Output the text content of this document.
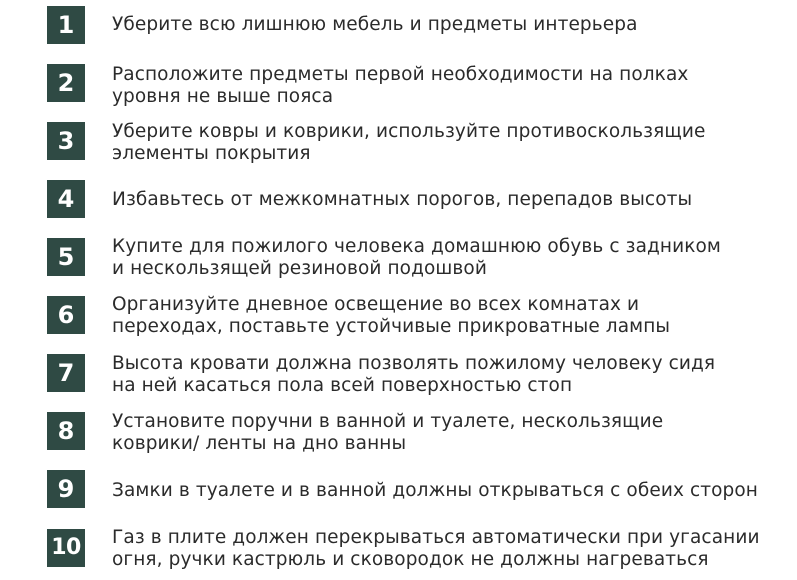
1	Уберите всю лишнюю мебель и предметы интерьера
2	Расположите предметы первой необходимости на полках
уровня не выше пояса
3	Уберите ковры и коврики, используйте противоскользящие
элементы покрытия
4	Избавьтесь от межкомнатных порогов, перепадов высоты
5	Купите для пожилого человека домашнюю обувь с задником
и нескользящей резиновой подошвой
6	Организуйте дневное освещение во всех комнатах и
переходах, поставьте устойчивые прикроватные лампы
7	Высота кровати должна позволять пожилому человеку сидя
на ней касаться пола всей поверхностью стоп
8	Установите поручни в ванной и туалете, нескользящие
коврики/ ленты на дно ванны
9	Замки в туалете и в ванной должны открываться с обеих сторон
10 Газ в плите должен перекрываться автоматически при угасании
огня, ручки кастрюль и сковородок не должны нагреваться
